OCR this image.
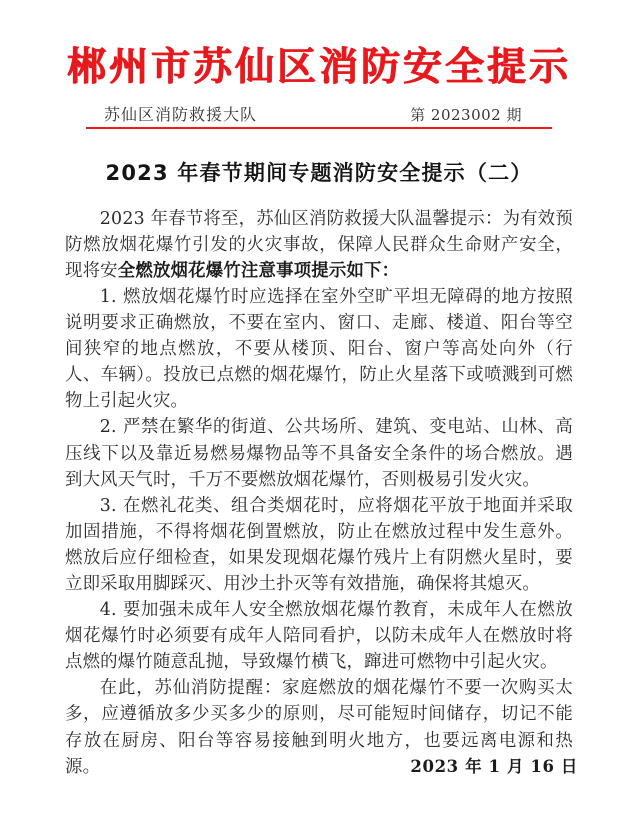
郴州市苏仙区消防安全提示
苏仙区消防救援大队	第 2023002 期
2023 年春节期间专题消防安全提示（二）

2023 年春节将至，苏仙区消防救援大队温馨提示：为有效预防燃放烟花爆竹引发的火灾事故，保障人民群众生命财产安全，现将安全燃放烟花爆竹注意事项提示如下：

1. 燃放烟花爆竹时应选择在室外空旷平坦无障碍的地方按照说明要求正确燃放，不要在室内、窗口、走廊、楼道、阳台等空间狭窄的地点燃放，不要从楼顶、阳台、窗户等高处向外（行人、车辆）。投放已点燃的烟花爆竹，防止火星落下或喷溅到可燃物上引起火灾。

2. 严禁在繁华的街道、公共场所、建筑、变电站、山林、高压线下以及靠近易燃易爆物品等不具备安全条件的场合燃放。遇到大风天气时，千万不要燃放烟花爆竹，否则极易引发火灾。

3. 在燃礼花类、组合类烟花时，应将烟花平放于地面并采取加固措施，不得将烟花倒置燃放，防止在燃放过程中发生意外。燃放后应仔细检查，如果发现烟花爆竹残片上有阴燃火星时，要立即采取用脚踩灭、用沙土扑灭等有效措施，确保将其熄灭。

4. 要加强未成年人安全燃放烟花爆竹教育，未成年人在燃放烟花爆竹时必须要有成年人陪同看护，以防未成年人在燃放时将点燃的爆竹随意乱抛，导致爆竹横飞，蹿进可燃物中引起火灾。

在此，苏仙消防提醒：家庭燃放的烟花爆竹不要一次购买太多，应遵循放多少买多少的原则，尽可能短时间储存，切记不能存放在厨房、阳台等容易接触到明火地方，也要远离电源和热源。	2023 年 1 月 16 日
